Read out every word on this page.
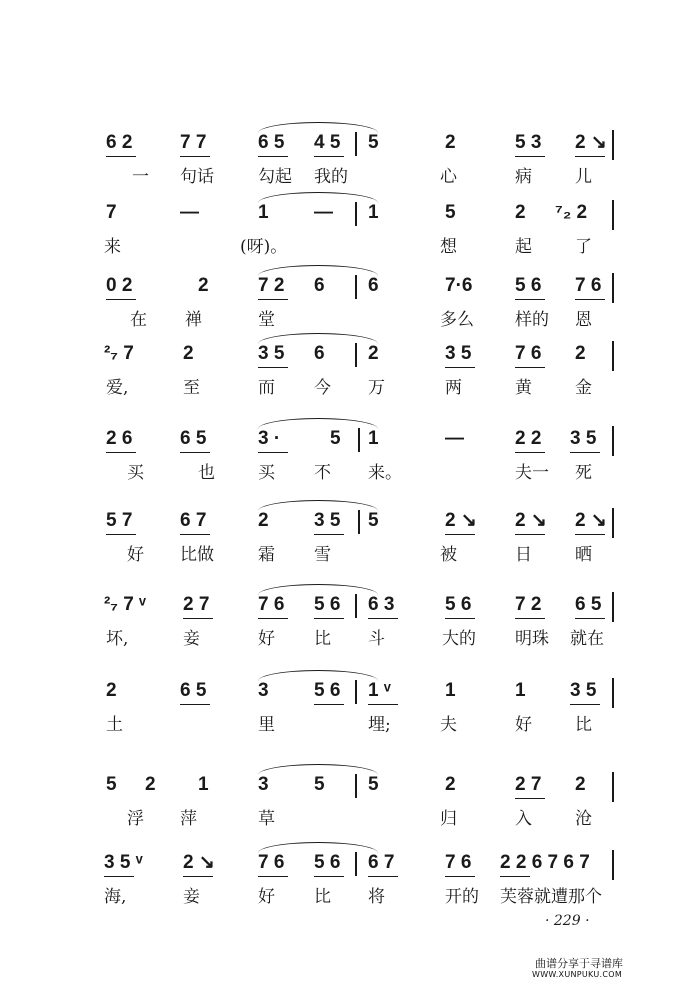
6 2	7 7	6 5 4 5 5	2	5 3 2 ↘
一 句话	勾起 我的	心	病	儿
7	—	1 — 1	5	2 ⁷₂ 2
来	(呀)。	想	起	了
0 2	2	7 2 6 6	7·6 5 6 7 6
在 禅	堂	多么 样的 恩
²₇ 7	2	3 5 6 2	3 5 7 6 2
爱,	至	而 今 万	两	黄	金
2 6	6 5	3 ·	5 1	—	2 2 3 5
买	也	买 不 来。	夫一 死
5 7	6 7	2 3 5 5	2 ↘ 2 ↘ 2 ↘
好 比做	霜 雪	被	日	晒
²₇ 7 ᵛ 2 7	7 6 5 6 6 3	5 6 7 2 6 5
坏,	妾	好 比 斗	大的 明珠 就在
2	6 5	3 5 6 1 ᵛ	1	1 3 5
土	里	埋;	夫	好	比
5 2 1	3 5 5	2	2 7 2
浮 萍	草	归	入	沧
3 5 ᵛ 2 ↘ 7 6 5 6 6 7	7 6 2 2 6 7 6 7
海,	妾	好 比 将	开的 芙蓉就遭那个
· 229 ·
曲谱分享于寻谱库
WWW.XUNPUKU.COM
